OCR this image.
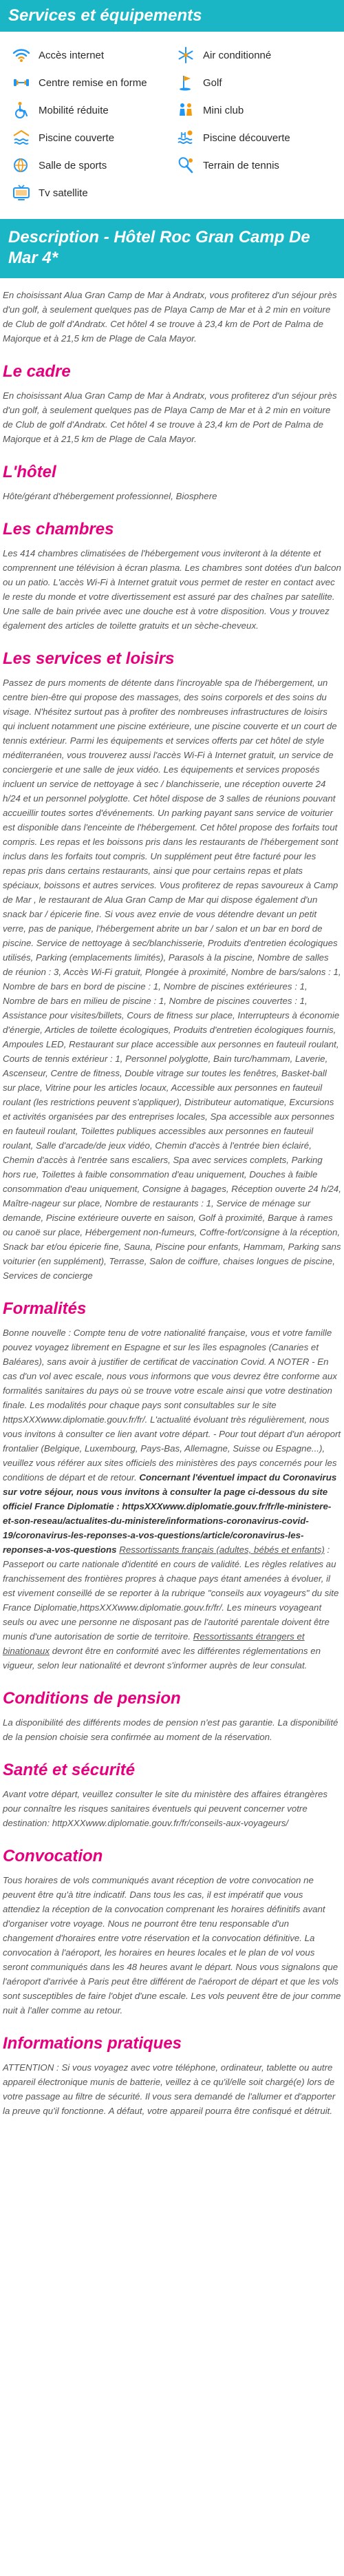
Services et équipements
Accès internet	Air conditionné
Centre remise en forme	Golf
Mobilité réduite	Mini club
Piscine couverte	Piscine découverte
Salle de sports	Terrain de tennis
Tv satellite
Description - Hôtel Roc Gran Camp De Mar 4*

En choisissant Alua Gran Camp de Mar à Andratx, vous profiterez d'un séjour près d'un golf, à seulement quelques pas de Playa Camp de Mar et à 2 min en voiture de Club de golf d'Andratx. Cet hôtel 4 se trouve à 23,4 km de Port de Palma de Majorque et à 21,5 km de Plage de Cala Mayor.

Le cadre

En choisissant Alua Gran Camp de Mar à Andratx, vous profiterez d'un séjour près d'un golf, à seulement quelques pas de Playa Camp de Mar et à 2 min en voiture de Club de golf d'Andratx. Cet hôtel 4 se trouve à 23,4 km de Port de Palma de Majorque et à 21,5 km de Plage de Cala Mayor.

L'hôtel

Hôte/gérant d'hébergement professionnel, Biosphere

Les chambres

Les 414 chambres climatisées de l'hébergement vous inviteront à la détente et comprennent une télévision à écran plasma. Les chambres sont dotées d'un balcon ou un patio. L'accès Wi-Fi à Internet gratuit vous permet de rester en contact avec le reste du monde et votre divertissement est assuré par des chaînes par satellite. Une salle de bain privée avec une douche est à votre disposition. Vous y trouvez également des articles de toilette gratuits et un sèche-cheveux.

Les services et loisirs

Passez de purs moments de détente dans l'incroyable spa de l'hébergement, un centre bien-être qui propose des massages, des soins corporels et des soins du visage. N'hésitez surtout pas à profiter des nombreuses infrastructures de loisirs qui incluent notamment une piscine extérieure, une piscine couverte et un court de tennis extérieur. Parmi les équipements et services offerts par cet hôtel de style méditerranéen, vous trouverez aussi l'accès Wi-Fi à Internet gratuit, un service de conciergerie et une salle de jeux vidéo. Les équipements et services proposés incluent un service de nettoyage à sec / blanchisserie, une réception ouverte 24 h/24 et un personnel polyglotte. Cet hôtel dispose de 3 salles de réunions pouvant accueillir toutes sortes d'événements. Un parking payant sans service de voiturier est disponible dans l'enceinte de l'hébergement. Cet hôtel propose des forfaits tout compris. Les repas et les boissons pris dans les restaurants de l'hébergement sont inclus dans les forfaits tout compris. Un supplément peut être facturé pour les repas pris dans certains restaurants, ainsi que pour certains repas et plats spéciaux, boissons et autres services. Vous profiterez de repas savoureux à Camp de Mar , le restaurant de Alua Gran Camp de Mar qui dispose également d'un snack bar / épicerie fine. Si vous avez envie de vous détendre devant un petit verre, pas de panique, l'hébergement abrite un bar / salon et un bar en bord de piscine. Service de nettoyage à sec/blanchisserie, Produits d'entretien écologiques utilisés, Parking (emplacements limités), Parasols à la piscine, Nombre de salles de réunion : 3, Accès Wi-Fi gratuit, Plongée à proximité, Nombre de bars/salons : 1, Nombre de bars en bord de piscine : 1, Nombre de piscines extérieures : 1, Nombre de bars en milieu de piscine : 1, Nombre de piscines couvertes : 1, Assistance pour visites/billets, Cours de fitness sur place, Interrupteurs à économie d'énergie, Articles de toilette écologiques, Produits d'entretien écologiques fournis, Ampoules LED, Restaurant sur place accessible aux personnes en fauteuil roulant, Courts de tennis extérieur : 1, Personnel polyglotte, Bain turc/hammam, Laverie, Ascenseur, Centre de fitness, Double vitrage sur toutes les fenêtres, Basket-ball sur place, Vitrine pour les articles locaux, Accessible aux personnes en fauteuil roulant (les restrictions peuvent s'appliquer), Distributeur automatique, Excursions et activités organisées par des entreprises locales, Spa accessible aux personnes en fauteuil roulant, Toilettes publiques accessibles aux personnes en fauteuil roulant, Salle d'arcade/de jeux vidéo, Chemin d'accès à l'entrée bien éclairé, Chemin d'accès à l'entrée sans escaliers, Spa avec services complets, Parking hors rue, Toilettes à faible consommation d'eau uniquement, Douches à faible consommation d'eau uniquement, Consigne à bagages, Réception ouverte 24 h/24, Maître-nageur sur place, Nombre de restaurants : 1, Service de ménage sur demande, Piscine extérieure ouverte en saison, Golf à proximité, Barque à rames ou canoë sur place, Hébergement non-fumeurs, Coffre-fort/consigne à la réception, Snack bar et/ou épicerie fine, Sauna, Piscine pour enfants, Hammam, Parking sans voiturier (en supplément), Terrasse, Salon de coiffure, chaises longues de piscine, Services de concierge

Formalités

Bonne nouvelle : Compte tenu de votre nationalité française, vous et votre famille pouvez voyagez librement en Espagne et sur les îles espagnoles (Canaries et Baléares), sans avoir à justifier de certificat de vaccination Covid. A NOTER - En cas d'un vol avec escale, nous vous informons que vous devrez être conforme aux formalités sanitaires du pays où se trouve votre escale ainsi que votre destination finale. Les modalités pour chaque pays sont consultables sur le site httpsXXXwww.diplomatie.gouv.fr/fr/. L'actualité évoluant très régulièrement, nous vous invitons à consulter ce lien avant votre départ. - Pour tout départ d'un aéroport frontalier (Belgique, Luxembourg, Pays-Bas, Allemagne, Suisse ou Espagne...), veuillez vous référer aux sites officiels des ministères des pays concernés pour les conditions de départ et de retour. Concernant l'éventuel impact du Coronavirus sur votre séjour, nous vous invitons à consulter la page ci-dessous du site officiel France Diplomatie : httpsXXXwww.diplomatie.gouv.fr/fr/le-ministere-et-son-reseau/actualites-du-ministere/informations-coronavirus-covid-19/coronavirus-les-reponses-a-vos-questions/article/coronavirus-les-reponses-a-vos-questions Ressortissants français (adultes, bébés et enfants) : Passeport ou carte nationale d'identité en cours de validité. Les règles relatives au franchissement des frontières propres à chaque pays étant amenées à évoluer, il est vivement conseillé de se reporter à la rubrique "conseils aux voyageurs" du site France Diplomatie,httpsXXXwww.diplomatie.gouv.fr/fr/. Les mineurs voyageant seuls ou avec une personne ne disposant pas de l'autorité parentale doivent être munis d'une autorisation de sortie de territoire. Ressortissants étrangers et binationaux devront être en conformité avec les différentes réglementations en vigueur, selon leur nationalité et devront s'informer auprès de leur consulat.

Conditions de pension

La disponibilité des différents modes de pension n'est pas garantie. La disponibilité de la pension choisie sera confirmée au moment de la réservation.

Santé et sécurité

Avant votre départ, veuillez consulter le site du ministère des affaires étrangères pour connaître les risques sanitaires éventuels qui peuvent concerner votre destination: httpXXXwww.diplomatie.gouv.fr/fr/conseils-aux-voyageurs/

Convocation

Tous horaires de vols communiqués avant réception de votre convocation ne peuvent être qu'à titre indicatif. Dans tous les cas, il est impératif que vous attendiez la réception de la convocation comprenant les horaires définitifs avant d'organiser votre voyage. Nous ne pourront être tenu responsable d'un changement d'horaires entre votre réservation et la convocation définitive. La convocation à l'aéroport, les horaires en heures locales et le plan de vol vous seront communiqués dans les 48 heures avant le départ. Nous vous signalons que l'aéroport d'arrivée à Paris peut être différent de l'aéroport de départ et que les vols sont susceptibles de faire l'objet d'une escale. Les vols peuvent être de jour comme nuit à l'aller comme au retour.

Informations pratiques

ATTENTION : Si vous voyagez avec votre téléphone, ordinateur, tablette ou autre appareil électronique munis de batterie, veillez à ce qu'il/elle soit chargé(e) lors de votre passage au filtre de sécurité. Il vous sera demandé de l'allumer et d'apporter la preuve qu'il fonctionne. A défaut, votre appareil pourra être confisqué et détruit.
